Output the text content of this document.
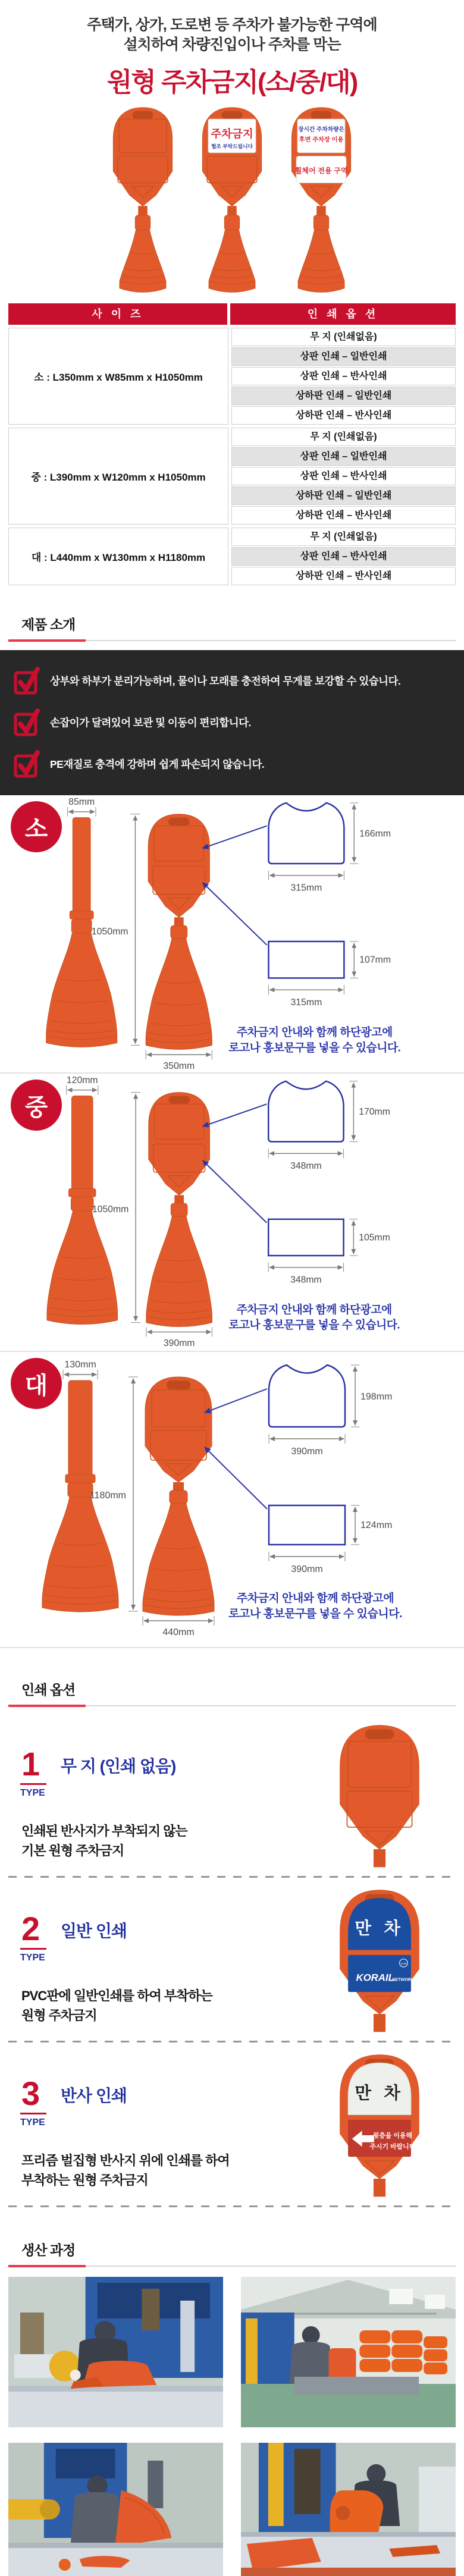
주택가, 상가, 도로변 등 주차가 불가능한 구역에
설치하여 차량진입이나 주차를 막는
원형 주차금지(소/중/대)
주차금지
협조 부탁드립니다
장시간 주차차량은
후면 주차장 이용
휠체어 전용 구역
사 이 즈	인 쇄 옵 션
소 : L350mm x W85mm x H1050mm
무 지 (인쇄없음)
상판 인쇄 – 일반인쇄
상판 인쇄 – 반사인쇄
상하판 인쇄 – 일반인쇄
상하판 인쇄 – 반사인쇄
중 : L390mm x W120mm x H1050mm
무 지 (인쇄없음)
상판 인쇄 – 일반인쇄
상판 인쇄 – 반사인쇄
상하판 인쇄 – 일반인쇄
상하판 인쇄 – 반사인쇄
대 : L440mm x W130mm x H1180mm
무 지 (인쇄없음)
상판 인쇄 – 반사인쇄
상하판 인쇄 – 반사인쇄
제품 소개
상부와 하부가 분리가능하며, 물이나 모래를 충전하여 무게를 보강할 수 있습니다.
손잡이가 달려있어 보관 및 이동이 편리합니다.
PE재질로 충격에 강하며 쉽게 파손되지 않습니다.
소
85mm
1050mm
350mm
166mm
315mm
107mm
315mm
주차금지 안내와 함께 하단광고에
로고나 홍보문구를 넣을 수 있습니다.
중
120mm
1050mm
390mm
170mm
348mm
105mm
348mm
주차금지 안내와 함께 하단광고에
로고나 홍보문구를 넣을 수 있습니다.
대
130mm
1180mm
440mm
198mm
390mm
124mm
390mm
주차금지 안내와 함께 하단광고에
로고나 홍보문구를 넣을 수 있습니다.
인쇄 옵션
1
TYPE
무 지 (인쇄 없음)
인쇄된 반사지가 부착되지 않는
기본 원형 주차금지
2
TYPE
일반 인쇄
PVC판에 일반인쇄를 하여 부착하는
원형 주차금지
만 차
ccm
KORAIL
NETWORKS
3
TYPE
반사 인쇄
프리즘 벌집형 반사지 위에 인쇄를 하여
부착하는 원형 주차금지
만 차
윗층을 이용해
주시기 바랍니다
생산 과정
